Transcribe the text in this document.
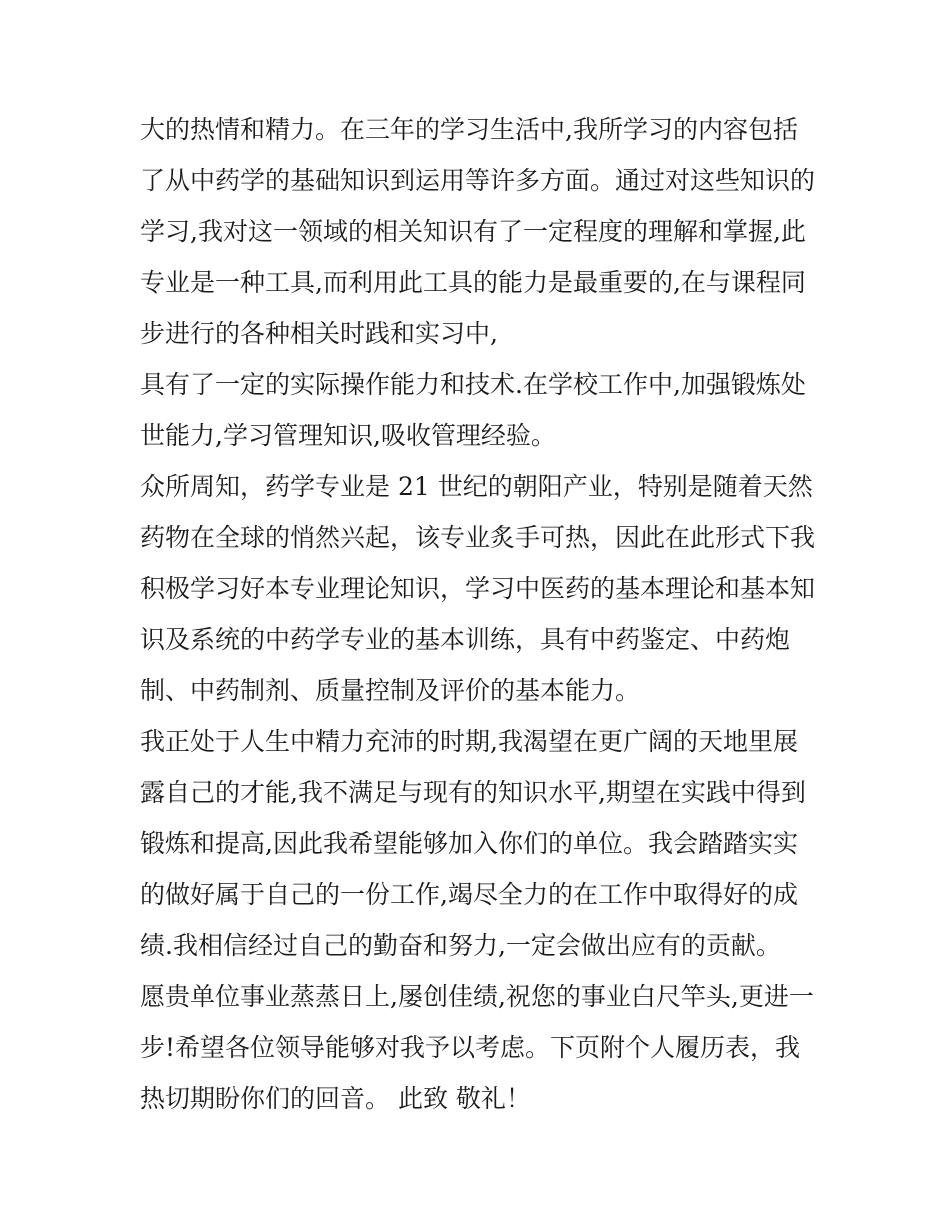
大的热情和精力。在三年的学习生活中,我所学习的内容包括
了从中药学的基础知识到运用等许多方面。通过对这些知识的
学习,我对这一领域的相关知识有了一定程度的理解和掌握,此
专业是一种工具,而利用此工具的能力是最重要的,在与课程同
步进行的各种相关时践和实习中,
具有了一定的实际操作能力和技术.在学校工作中,加强锻炼处
世能力,学习管理知识,吸收管理经验。
众所周知，药学专业是 21 世纪的朝阳产业，特别是随着天然
药物在全球的悄然兴起，该专业炙手可热，因此在此形式下我
积极学习好本专业理论知识，学习中医药的基本理论和基本知
识及系统的中药学专业的基本训练，具有中药鉴定、中药炮
制、中药制剂、质量控制及评价的基本能力。
我正处于人生中精力充沛的时期,我渴望在更广阔的天地里展
露自己的才能,我不满足与现有的知识水平,期望在实践中得到
锻炼和提高,因此我希望能够加入你们的单位。我会踏踏实实
的做好属于自己的一份工作,竭尽全力的在工作中取得好的成
绩.我相信经过自己的勤奋和努力,一定会做出应有的贡献。
愿贵单位事业蒸蒸日上,屡创佳绩,祝您的事业白尺竿头,更进一
步!希望各位领导能够对我予以考虑。下页附个人履历表，我
热切期盼你们的回音。 此致 敬礼！
